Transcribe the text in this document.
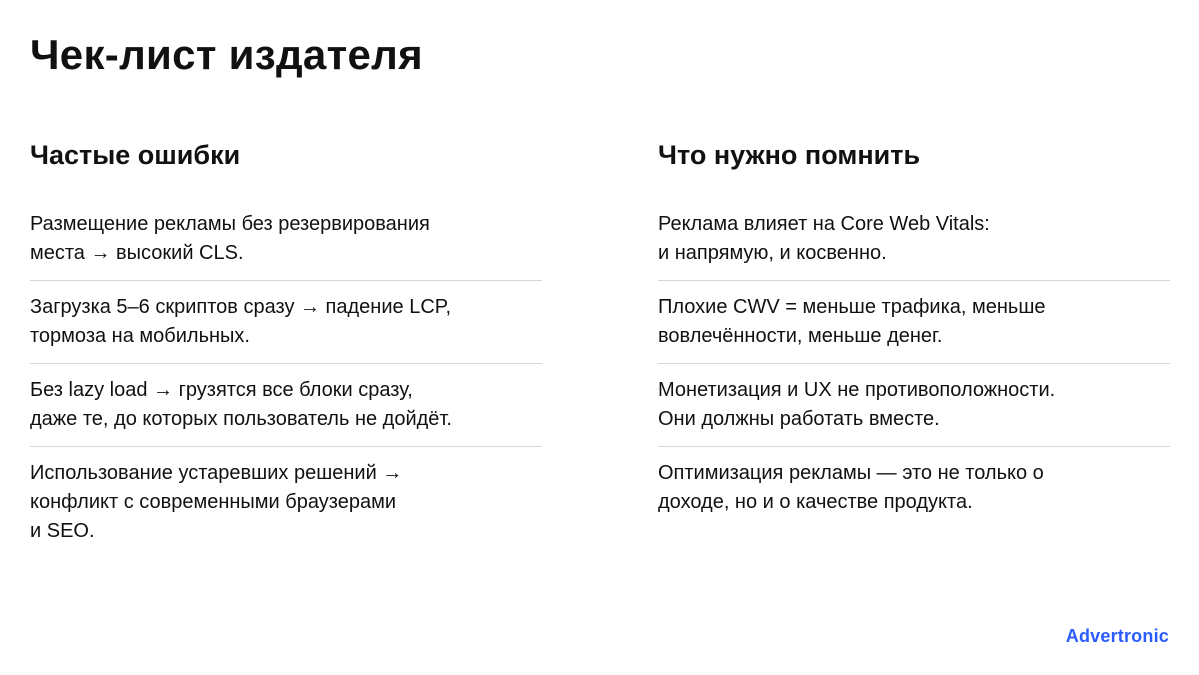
Чек-лист издателя
Частые ошибки
Размещение рекламы без резервирования
места → высокий CLS.
Загрузка 5–6 скриптов сразу → падение LCP,
тормоза на мобильных.
Без lazy load → грузятся все блоки сразу,
даже те, до которых пользователь не дойдёт.
Использование устаревших решений →
конфликт с современными браузерами
и SEO.
Что нужно помнить
Реклама влияет на Core Web Vitals:
и напрямую, и косвенно.
Плохие CWV = меньше трафика, меньше
вовлечённости, меньше денег.
Монетизация и UX не противоположности.
Они должны работать вместе.
Оптимизация рекламы — это не только о
доходе, но и о качестве продукта.
Advertronic
